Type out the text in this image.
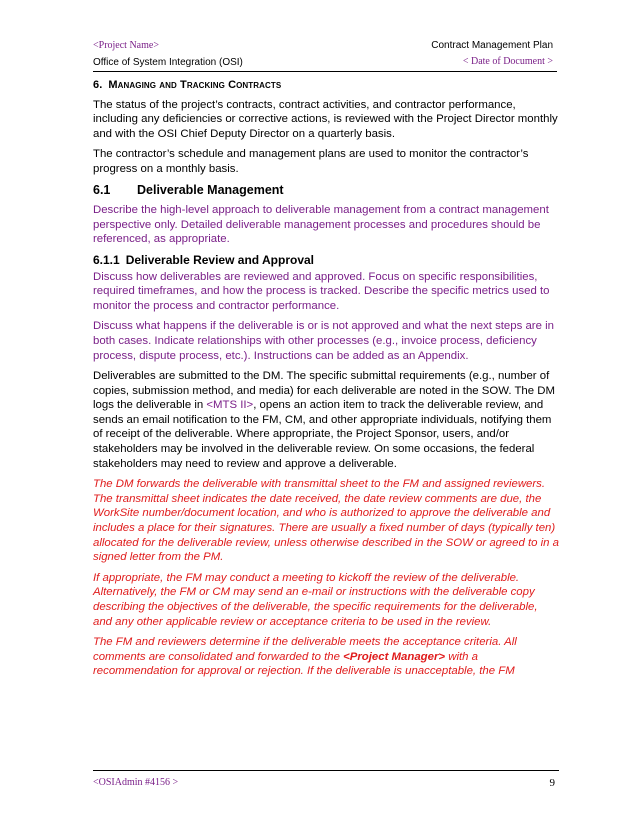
<Project Name>
Office of System Integration (OSI)
Contract Management Plan
< Date of Document >
6. Managing and Tracking Contracts

The status of the project’s contracts, contract activities, and contractor performance, including any deficiencies or corrective actions, is reviewed with the Project Director monthly and with the OSI Chief Deputy Director on a quarterly basis.

The contractor’s schedule and management plans are used to monitor the contractor’s progress on a monthly basis.

6.1 Deliverable Management

Describe the high-level approach to deliverable management from a contract management perspective only. Detailed deliverable management processes and procedures should be referenced, as appropriate.

6.1.1 Deliverable Review and Approval

Discuss how deliverables are reviewed and approved. Focus on specific responsibilities, required timeframes, and how the process is tracked. Describe the specific metrics used to monitor the process and contractor performance.

Discuss what happens if the deliverable is or is not approved and what the next steps are in both cases. Indicate relationships with other processes (e.g., invoice process, deficiency process, dispute process, etc.). Instructions can be added as an Appendix.

Deliverables are submitted to the DM. The specific submittal requirements (e.g., number of copies, submission method, and media) for each deliverable are noted in the SOW. The DM logs the deliverable in <MTS II>, opens an action item to track the deliverable review, and sends an email notification to the FM, CM, and other appropriate individuals, notifying them of receipt of the deliverable. Where appropriate, the Project Sponsor, users, and/or stakeholders may be involved in the deliverable review. On some occasions, the federal stakeholders may need to review and approve a deliverable.

The DM forwards the deliverable with transmittal sheet to the FM and assigned reviewers. The transmittal sheet indicates the date received, the date review comments are due, the WorkSite number/document location, and who is authorized to approve the deliverable and includes a place for their signatures. There are usually a fixed number of days (typically ten) allocated for the deliverable review, unless otherwise described in the SOW or agreed to in a signed letter from the PM.

If appropriate, the FM may conduct a meeting to kickoff the review of the deliverable. Alternatively, the FM or CM may send an e-mail or instructions with the deliverable copy describing the objectives of the deliverable, the specific requirements for the deliverable, and any other applicable review or acceptance criteria to be used in the review.

The FM and reviewers determine if the deliverable meets the acceptance criteria. All comments are consolidated and forwarded to the <Project Manager> with a recommendation for approval or rejection. If the deliverable is unacceptable, the FM

<OSIAdmin #4156 >	9
